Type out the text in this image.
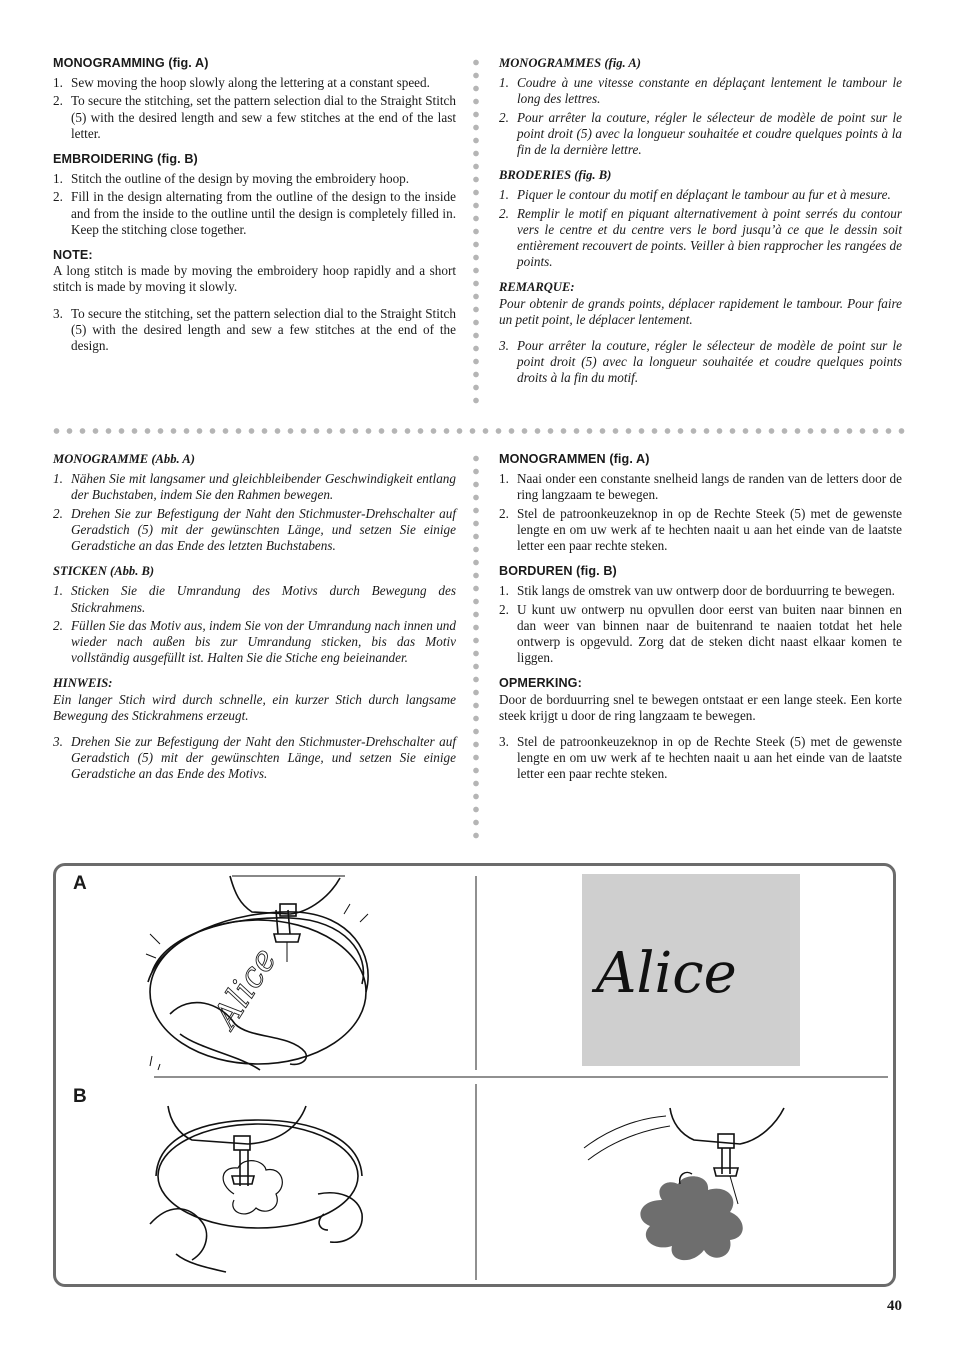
MONOGRAMMING (fig. A)
1. Sew moving the hoop slowly along the lettering at a constant speed.
2. To secure the stitching, set the pattern selection dial to the Straight Stitch (5) with the desired length and sew a few stitches at the end of the last letter.
EMBROIDERING (fig. B)
1. Stitch the outline of the design by moving the embroidery hoop.
2. Fill in the design alternating from the outline of the design to the inside and from the inside to the outline until the design is completely filled in. Keep the stitching close together.
NOTE:

A long stitch is made by moving the embroidery hoop rapidly and a short stitch is made by moving it slowly.

3. To secure the stitching, set the pattern selection dial to the Straight Stitch (5) with the desired length and sew a few stitches at the end of the design.
MONOGRAMMES (fig. A)
1. Coudre à une vitesse constante en déplaçant lentement le tambour le long des lettres.
2. Pour arrêter la couture, régler le sélecteur de modèle de point sur le point droit (5) avec la longueur souhaitée et coudre quelques points à la fin de la dernière lettre.
BRODERIES (fig. B)
1. Piquer le contour du motif en déplaçant le tambour au fur et à mesure.
2. Remplir le motif en piquant alternativement à point serrés du contour vers le centre et du centre vers le bord jusqu’à ce que le dessin soit entièrement recouvert de points. Veiller à bien rapprocher les rangées de points.
REMARQUE:

Pour obtenir de grands points, déplacer rapidement le tambour. Pour faire un petit point, le déplacer lentement.

3. Pour arrêter la couture, régler le sélecteur de modèle de point sur le point droit (5) avec la longueur souhaitée et coudre quelques points droits à la fin du motif.
MONOGRAMME (Abb. A)
1. Nähen Sie mit langsamer und gleichbleibender Geschwindigkeit entlang der Buchstaben, indem Sie den Rahmen bewegen.
2. Drehen Sie zur Befestigung der Naht den Stichmuster-Drehschalter auf Geradstich (5) mit der gewünschten Länge, und setzen Sie einige Geradstiche an das Ende des letzten Buchstabens.
STICKEN (Abb. B)
1. Sticken Sie die Umrandung des Motivs durch Bewegung des Stickrahmens.
2. Füllen Sie das Motiv aus, indem Sie von der Umrandung nach innen und wieder nach außen bis zur Umrandung sticken, bis das Motiv vollständig ausgefüllt ist. Halten Sie die Stiche eng beieinander.
HINWEIS:

Ein langer Stich wird durch schnelle, ein kurzer Stich durch langsame Bewegung des Stickrahmens erzeugt.

3. Drehen Sie zur Befestigung der Naht den Stichmuster-Drehschalter auf Geradstich (5) mit der gewünschten Länge, und setzen Sie einige Geradstiche an das Ende des Motivs.
MONOGRAMMEN (fig. A)
1. Naai onder een constante snelheid langs de randen van de letters door de ring langzaam te bewegen.
2. Stel de patroonkeuzeknop in op de Rechte Steek (5) met de gewenste lengte en om uw werk af te hechten naait u aan het einde van de laatste letter een paar rechte steken.
BORDUREN (fig. B)
1. Stik langs de omstrek van uw ontwerp door de borduurring te bewegen.
2. U kunt uw ontwerp nu opvullen door eerst van buiten naar binnen en dan weer van binnen naar de buitenrand te naaien totdat het hele ontwerp is opgevuld. Zorg dat de steken dicht naast elkaar komen te liggen.
OPMERKING:

Door de borduurring snel te bewegen ontstaat er een lange steek. Een korte steek krijgt u door de ring langzaam te bewegen.

3. Stel de patroonkeuzeknop in op de Rechte Steek (5) met de gewenste lengte en om uw werk af te hechten naait u aan het einde van de laatste letter een paar rechte steken.
A
B
Alice	Alice
40
